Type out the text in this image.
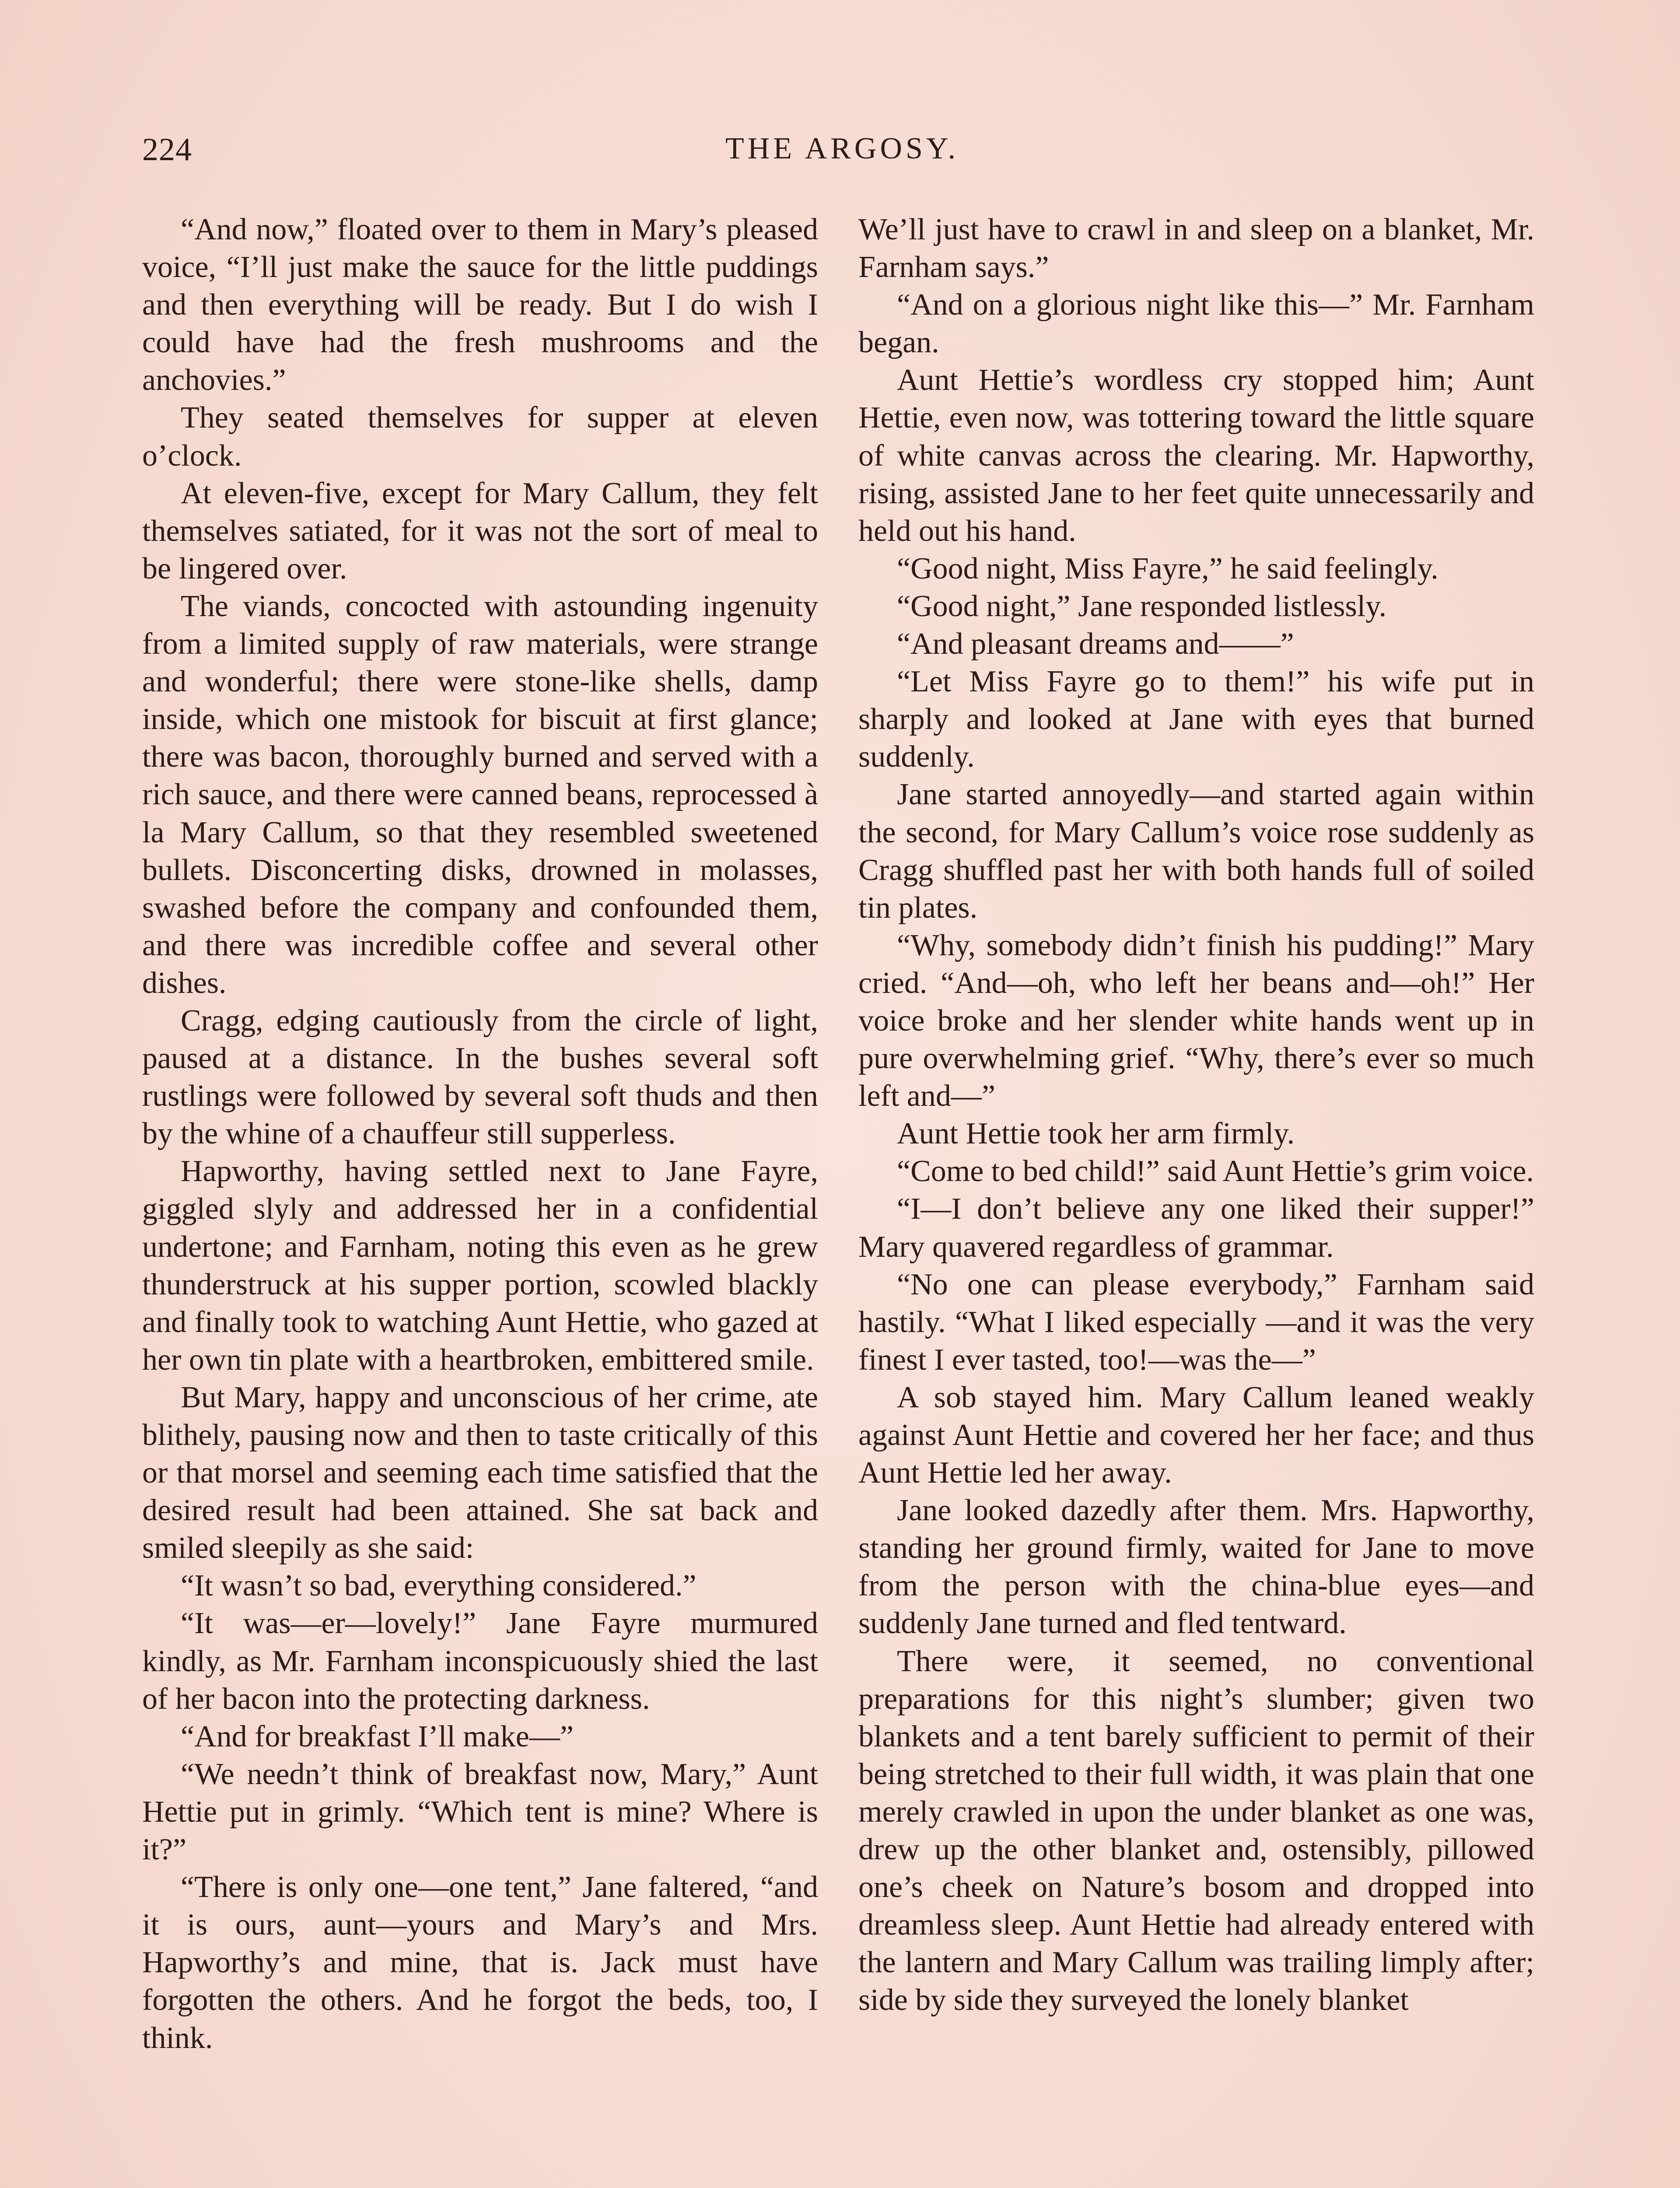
224	THE ARGOSY.

“And now,” floated over to them in Mary’s pleased voice, “I’ll just make the sauce for the little puddings and then everything will be ready. But I do wish I could have had the fresh mushrooms and the anchovies.”

They seated themselves for supper at eleven o’clock.

At eleven-five, except for Mary Callum, they felt themselves satiated, for it was not the sort of meal to be lingered over.

The viands, concocted with astounding ingenuity from a limited supply of raw materials, were strange and wonderful; there were stone-like shells, damp inside, which one mistook for biscuit at first glance; there was bacon, thoroughly burned and served with a rich sauce, and there were canned beans, reprocessed à la Mary Callum, so that they resembled sweetened bullets. Disconcerting disks, drowned in molasses, swashed before the company and confounded them, and there was incredible coffee and several other dishes.

Cragg, edging cautiously from the circle of light, paused at a distance. In the bushes several soft rustlings were followed by several soft thuds and then by the whine of a chauffeur still supperless.

Hapworthy, having settled next to Jane Fayre, giggled slyly and addressed her in a confidential undertone; and Farnham, noting this even as he grew thunderstruck at his supper portion, scowled blackly and finally took to watching Aunt Hettie, who gazed at her own tin plate with a heartbroken, embittered smile.

But Mary, happy and unconscious of her crime, ate blithely, pausing now and then to taste critically of this or that morsel and seeming each time satisfied that the desired result had been attained. She sat back and smiled sleepily as she said:

“It wasn’t so bad, everything considered.”

“It was—er—lovely!” Jane Fayre murmured kindly, as Mr. Farnham inconspicuously shied the last of her bacon into the protecting darkness.

“And for breakfast I’ll make—”

“We needn’t think of breakfast now, Mary,” Aunt Hettie put in grimly. “Which tent is mine? Where is it?”

“There is only one—one tent,” Jane faltered, “and it is ours, aunt—yours and Mary’s and Mrs. Hapworthy’s and mine, that is. Jack must have forgotten the others. And he forgot the beds, too, I think.

We’ll just have to crawl in and sleep on a blanket, Mr. Farnham says.”

“And on a glorious night like this—” Mr. Farnham began.

Aunt Hettie’s wordless cry stopped him; Aunt Hettie, even now, was tottering toward the little square of white canvas across the clearing. Mr. Hapworthy, rising, assisted Jane to her feet quite unnecessarily and held out his hand.

“Good night, Miss Fayre,” he said feelingly.

“Good night,” Jane responded listlessly.

“And pleasant dreams and——”

“Let Miss Fayre go to them!” his wife put in sharply and looked at Jane with eyes that burned suddenly.

Jane started annoyedly—and started again within the second, for Mary Callum’s voice rose suddenly as Cragg shuffled past her with both hands full of soiled tin plates.

“Why, somebody didn’t finish his pudding!” Mary cried. “And—oh, who left her beans and—oh!” Her voice broke and her slender white hands went up in pure overwhelming grief. “Why, there’s ever so much left and—”

Aunt Hettie took her arm firmly.

“Come to bed child!” said Aunt Hettie’s grim voice.

“I—I don’t believe any one liked their supper!” Mary quavered regardless of grammar.

“No one can please everybody,” Farnham said hastily. “What I liked especially —and it was the very finest I ever tasted, too!—was the—”

A sob stayed him. Mary Callum leaned weakly against Aunt Hettie and covered her her face; and thus Aunt Hettie led her away.

Jane looked dazedly after them. Mrs. Hapworthy, standing her ground firmly, waited for Jane to move from the person with the china-blue eyes—and suddenly Jane turned and fled tentward.

There were, it seemed, no conventional preparations for this night’s slumber; given two blankets and a tent barely sufficient to permit of their being stretched to their full width, it was plain that one merely crawled in upon the under blanket as one was, drew up the other blanket and, ostensibly, pillowed one’s cheek on Nature’s bosom and dropped into dreamless sleep. Aunt Hettie had already entered with the lantern and Mary Callum was trailing limply after; side by side they surveyed the lonely blanket
